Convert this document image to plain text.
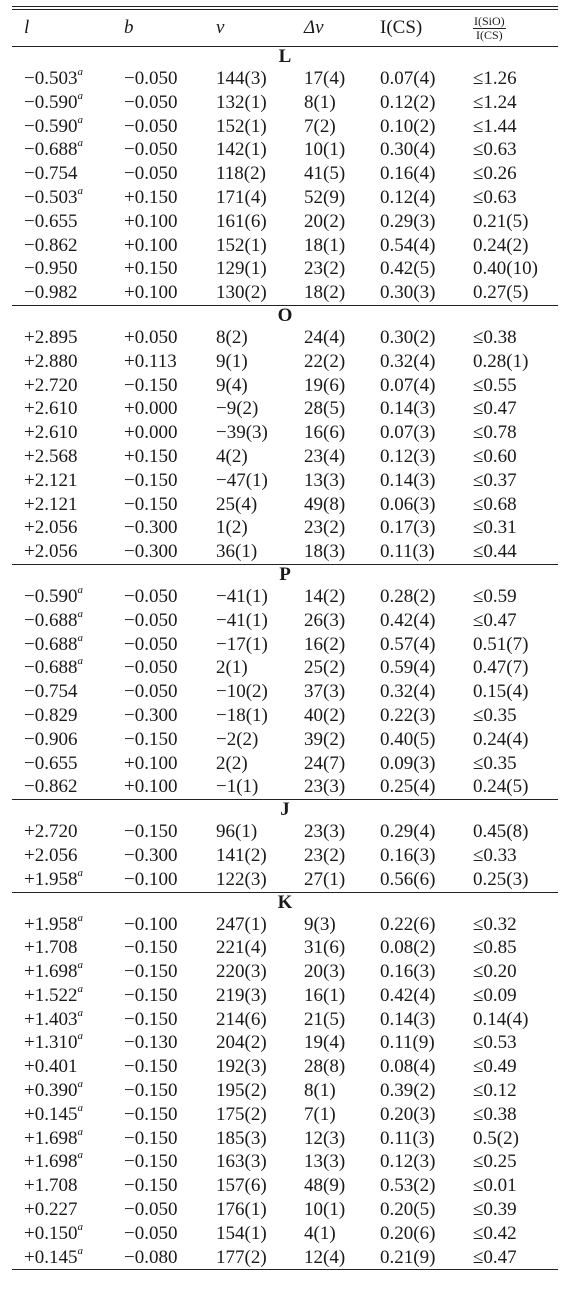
l	b	v	Δv	I(CS)	$\frac{\text{I(SiO)}}{I(CS)}$

L					
−0.503$^a$	−0.050	144(3)	17(4)	0.07(4)	≤1.26
−0.590$^a$	−0.050	132(1)	8(1)	0.12(2)	≤1.24
−0.590$^a$	−0.050	152(1)	7(2)	0.10(2)	≤1.44
−0.688$^a$	−0.050	142(1)	10(1)	0.30(4)	≤0.63
−0.754	−0.050	118(2)	41(5)	0.16(4)	≤0.26
−0.503$^a$	+0.150	171(4)	52(9)	0.12(4)	≤0.63
−0.655	+0.100	161(6)	20(2)	0.29(3)	0.21(5)
−0.862	+0.100	152(1)	18(1)	0.54(4)	0.24(2)
−0.950	+0.150	129(1)	23(2)	0.42(5)	0.40(10)
−0.982	+0.100	130(2)	18(2)	0.30(3)	0.27(5)

O					
+2.895	+0.050	8(2)	24(4)	0.30(2)	≤0.38
+2.880	+0.113	9(1)	22(2)	0.32(4)	0.28(1)
+2.720	−0.150	9(4)	19(6)	0.07(4)	≤0.55
+2.610	+0.000	−9(2)	28(5)	0.14(3)	≤0.47
+2.610	+0.000	−39(3)	16(6)	0.07(3)	≤0.78
+2.568	+0.150	4(2)	23(4)	0.12(3)	≤0.60
+2.121	−0.150	−47(1)	13(3)	0.14(3)	≤0.37
+2.121	−0.150	25(4)	49(8)	0.06(3)	≤0.68
+2.056	−0.300	1(2)	23(2)	0.17(3)	≤0.31
+2.056	−0.300	36(1)	18(3)	0.11(3)	≤0.44

P					
−0.590$^a$	−0.050	−41(1)	14(2)	0.28(2)	≤0.59
−0.688$^a$	−0.050	−41(1)	26(3)	0.42(4)	≤0.47
−0.688$^a$	−0.050	−17(1)	16(2)	0.57(4)	0.51(7)
−0.688$^a$	−0.050	2(1)	25(2)	0.59(4)	0.47(7)
−0.754	−0.050	−10(2)	37(3)	0.32(4)	0.15(4)
−0.829	−0.300	−18(1)	40(2)	0.22(3)	≤0.35
−0.906	−0.150	−2(2)	39(2)	0.40(5)	0.24(4)
−0.655	+0.100	2(2)	24(7)	0.09(3)	≤0.35
−0.862	+0.100	−1(1)	23(3)	0.25(4)	0.24(5)

J					
+2.720	−0.150	96(1)	23(3)	0.29(4)	0.45(8)
+2.056	−0.300	141(2)	23(2)	0.16(3)	≤0.33
+1.958$^a$	−0.100	122(3)	27(1)	0.56(6)	0.25(3)

K					
+1.958$^a$	−0.100	247(1)	9(3)	0.22(6)	≤0.32
+1.708	−0.150	221(4)	31(6)	0.08(2)	≤0.85
+1.698$^a$	−0.150	220(3)	20(3)	0.16(3)	≤0.20
+1.522$^a$	−0.150	219(3)	16(1)	0.42(4)	≤0.09
+1.403$^a$	−0.150	214(6)	21(5)	0.14(3)	0.14(4)
+1.310$^a$	−0.130	204(2)	19(4)	0.11(9)	≤0.53
+0.401	−0.150	192(3)	28(8)	0.08(4)	≤0.49
+0.390$^a$	−0.150	195(2)	8(1)	0.39(2)	≤0.12
+0.145$^a$	−0.150	175(2)	7(1)	0.20(3)	≤0.38
+1.698$^a$	−0.150	185(3)	12(3)	0.11(3)	0.5(2)
+1.698$^a$	−0.150	163(3)	13(3)	0.12(3)	≤0.25
+1.708	−0.150	157(6)	48(9)	0.53(2)	≤0.01
+0.227	−0.050	176(1)	10(1)	0.20(5)	≤0.39
+0.150$^a$	−0.050	154(1)	4(1)	0.20(6)	≤0.42
+0.145$^a$	−0.080	177(2)	12(4)	0.21(9)	≤0.47
